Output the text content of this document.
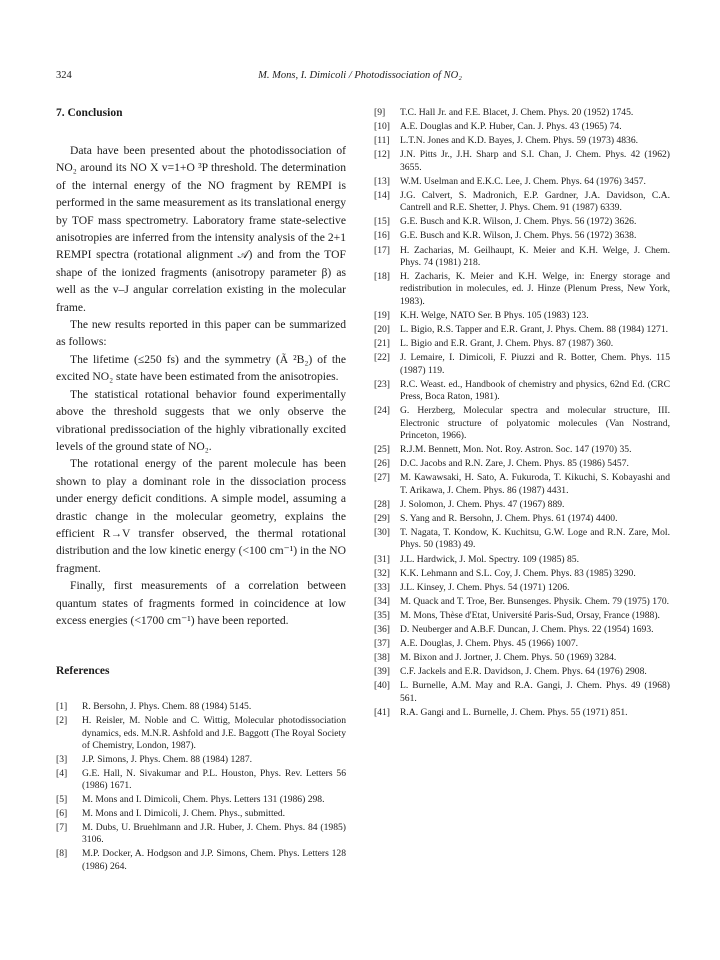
324	M. Mons, I. Dimicoli / Photodissociation of NO₂
7. Conclusion

Data have been presented about the photodissociation of NO₂ around its NO X v=1+O ³P threshold. The determination of the internal energy of the NO fragment by REMPI is performed in the same measurement as its translational energy by TOF mass spectrometry. Laboratory frame state-selective anisotropies are inferred from the intensity analysis of the 2+1 REMPI spectra (rotational alignment 𝒜) and from the TOF shape of the ionized fragments (anisotropy parameter β) as well as the v–J angular correlation existing in the molecular frame.

The new results reported in this paper can be summarized as follows:

The lifetime (≤250 fs) and the symmetry (Ã ²B₂) of the excited NO₂ state have been estimated from the anisotropies.

The statistical rotational behavior found experimentally above the threshold suggests that we only observe the vibrational predissociation of the highly vibrationally excited levels of the ground state of NO₂.

The rotational energy of the parent molecule has been shown to play a dominant role in the dissociation process under energy deficit conditions. A simple model, assuming a drastic change in the molecular geometry, explains the efficient R→V transfer observed, the thermal rotational distribution and the low kinetic energy (<100 cm⁻¹) in the NO fragment.

Finally, first measurements of a correlation between quantum states of fragments formed in coincidence at low excess energies (<1700 cm⁻¹) have been reported.

References
[1]	R. Bersohn, J. Phys. Chem. 88 (1984) 5145.
[2]	H. Reisler, M. Noble and C. Wittig, Molecular photodissociation dynamics, eds. M.N.R. Ashfold and J.E. Baggott (The Royal Society of Chemistry, London, 1987).
[3]	J.P. Simons, J. Phys. Chem. 88 (1984) 1287.
[4]	G.E. Hall, N. Sivakumar and P.L. Houston, Phys. Rev. Letters 56 (1986) 1671.
[5]	M. Mons and I. Dimicoli, Chem. Phys. Letters 131 (1986) 298.
[6]	M. Mons and I. Dimicoli, J. Chem. Phys., submitted.
[7]	M. Dubs, U. Bruehlmann and J.R. Huber, J. Chem. Phys. 84 (1985) 3106.
[8]	M.P. Docker, A. Hodgson and J.P. Simons, Chem. Phys. Letters 128 (1986) 264.
[9]	T.C. Hall Jr. and F.E. Blacet, J. Chem. Phys. 20 (1952) 1745.
[10]	A.E. Douglas and K.P. Huber, Can. J. Phys. 43 (1965) 74.
[11]	L.T.N. Jones and K.D. Bayes, J. Chem. Phys. 59 (1973) 4836.
[12]	J.N. Pitts Jr., J.H. Sharp and S.I. Chan, J. Chem. Phys. 42 (1962) 3655.
[13]	W.M. Uselman and E.K.C. Lee, J. Chem. Phys. 64 (1976) 3457.
[14]	J.G. Calvert, S. Madronich, E.P. Gardner, J.A. Davidson, C.A. Cantrell and R.E. Shetter, J. Phys. Chem. 91 (1987) 6339.
[15]	G.E. Busch and K.R. Wilson, J. Chem. Phys. 56 (1972) 3626.
[16]	G.E. Busch and K.R. Wilson, J. Chem. Phys. 56 (1972) 3638.
[17]	H. Zacharias, M. Geilhaupt, K. Meier and K.H. Welge, J. Chem. Phys. 74 (1981) 218.
[18]	H. Zacharis, K. Meier and K.H. Welge, in: Energy storage and redistribution in molecules, ed. J. Hinze (Plenum Press, New York, 1983).
[19]	K.H. Welge, NATO Ser. B Phys. 105 (1983) 123.
[20]	L. Bigio, R.S. Tapper and E.R. Grant, J. Phys. Chem. 88 (1984) 1271.
[21]	L. Bigio and E.R. Grant, J. Chem. Phys. 87 (1987) 360.
[22]	J. Lemaire, I. Dimicoli, F. Piuzzi and R. Botter, Chem. Phys. 115 (1987) 119.
[23]	R.C. Weast. ed., Handbook of chemistry and physics, 62nd Ed. (CRC Press, Boca Raton, 1981).
[24]	G. Herzberg, Molecular spectra and molecular structure, III. Electronic structure of polyatomic molecules (Van Nostrand, Princeton, 1966).
[25]	R.J.M. Bennett, Mon. Not. Roy. Astron. Soc. 147 (1970) 35.
[26]	D.C. Jacobs and R.N. Zare, J. Chem. Phys. 85 (1986) 5457.
[27]	M. Kawawsaki, H. Sato, A. Fukuroda, T. Kikuchi, S. Kobayashi and T. Arikawa, J. Chem. Phys. 86 (1987) 4431.
[28]	J. Solomon, J. Chem. Phys. 47 (1967) 889.
[29]	S. Yang and R. Bersohn, J. Chem. Phys. 61 (1974) 4400.
[30]	T. Nagata, T. Kondow, K. Kuchitsu, G.W. Loge and R.N. Zare, Mol. Phys. 50 (1983) 49.
[31]	J.L. Hardwick, J. Mol. Spectry. 109 (1985) 85.
[32]	K.K. Lehmann and S.L. Coy, J. Chem. Phys. 83 (1985) 3290.
[33]	J.L. Kinsey, J. Chem. Phys. 54 (1971) 1206.
[34]	M. Quack and T. Troe, Ber. Bunsenges. Physik. Chem. 79 (1975) 170.
[35]	M. Mons, Thèse d'Etat, Université Paris-Sud, Orsay, France (1988).
[36]	D. Neuberger and A.B.F. Duncan, J. Chem. Phys. 22 (1954) 1693.
[37]	A.E. Douglas, J. Chem. Phys. 45 (1966) 1007.
[38]	M. Bixon and J. Jortner, J. Chem. Phys. 50 (1969) 3284.
[39]	C.F. Jackels and E.R. Davidson, J. Chem. Phys. 64 (1976) 2908.
[40]	L. Burnelle, A.M. May and R.A. Gangi, J. Chem. Phys. 49 (1968) 561.
[41]	R.A. Gangi and L. Burnelle, J. Chem. Phys. 55 (1971) 851.
